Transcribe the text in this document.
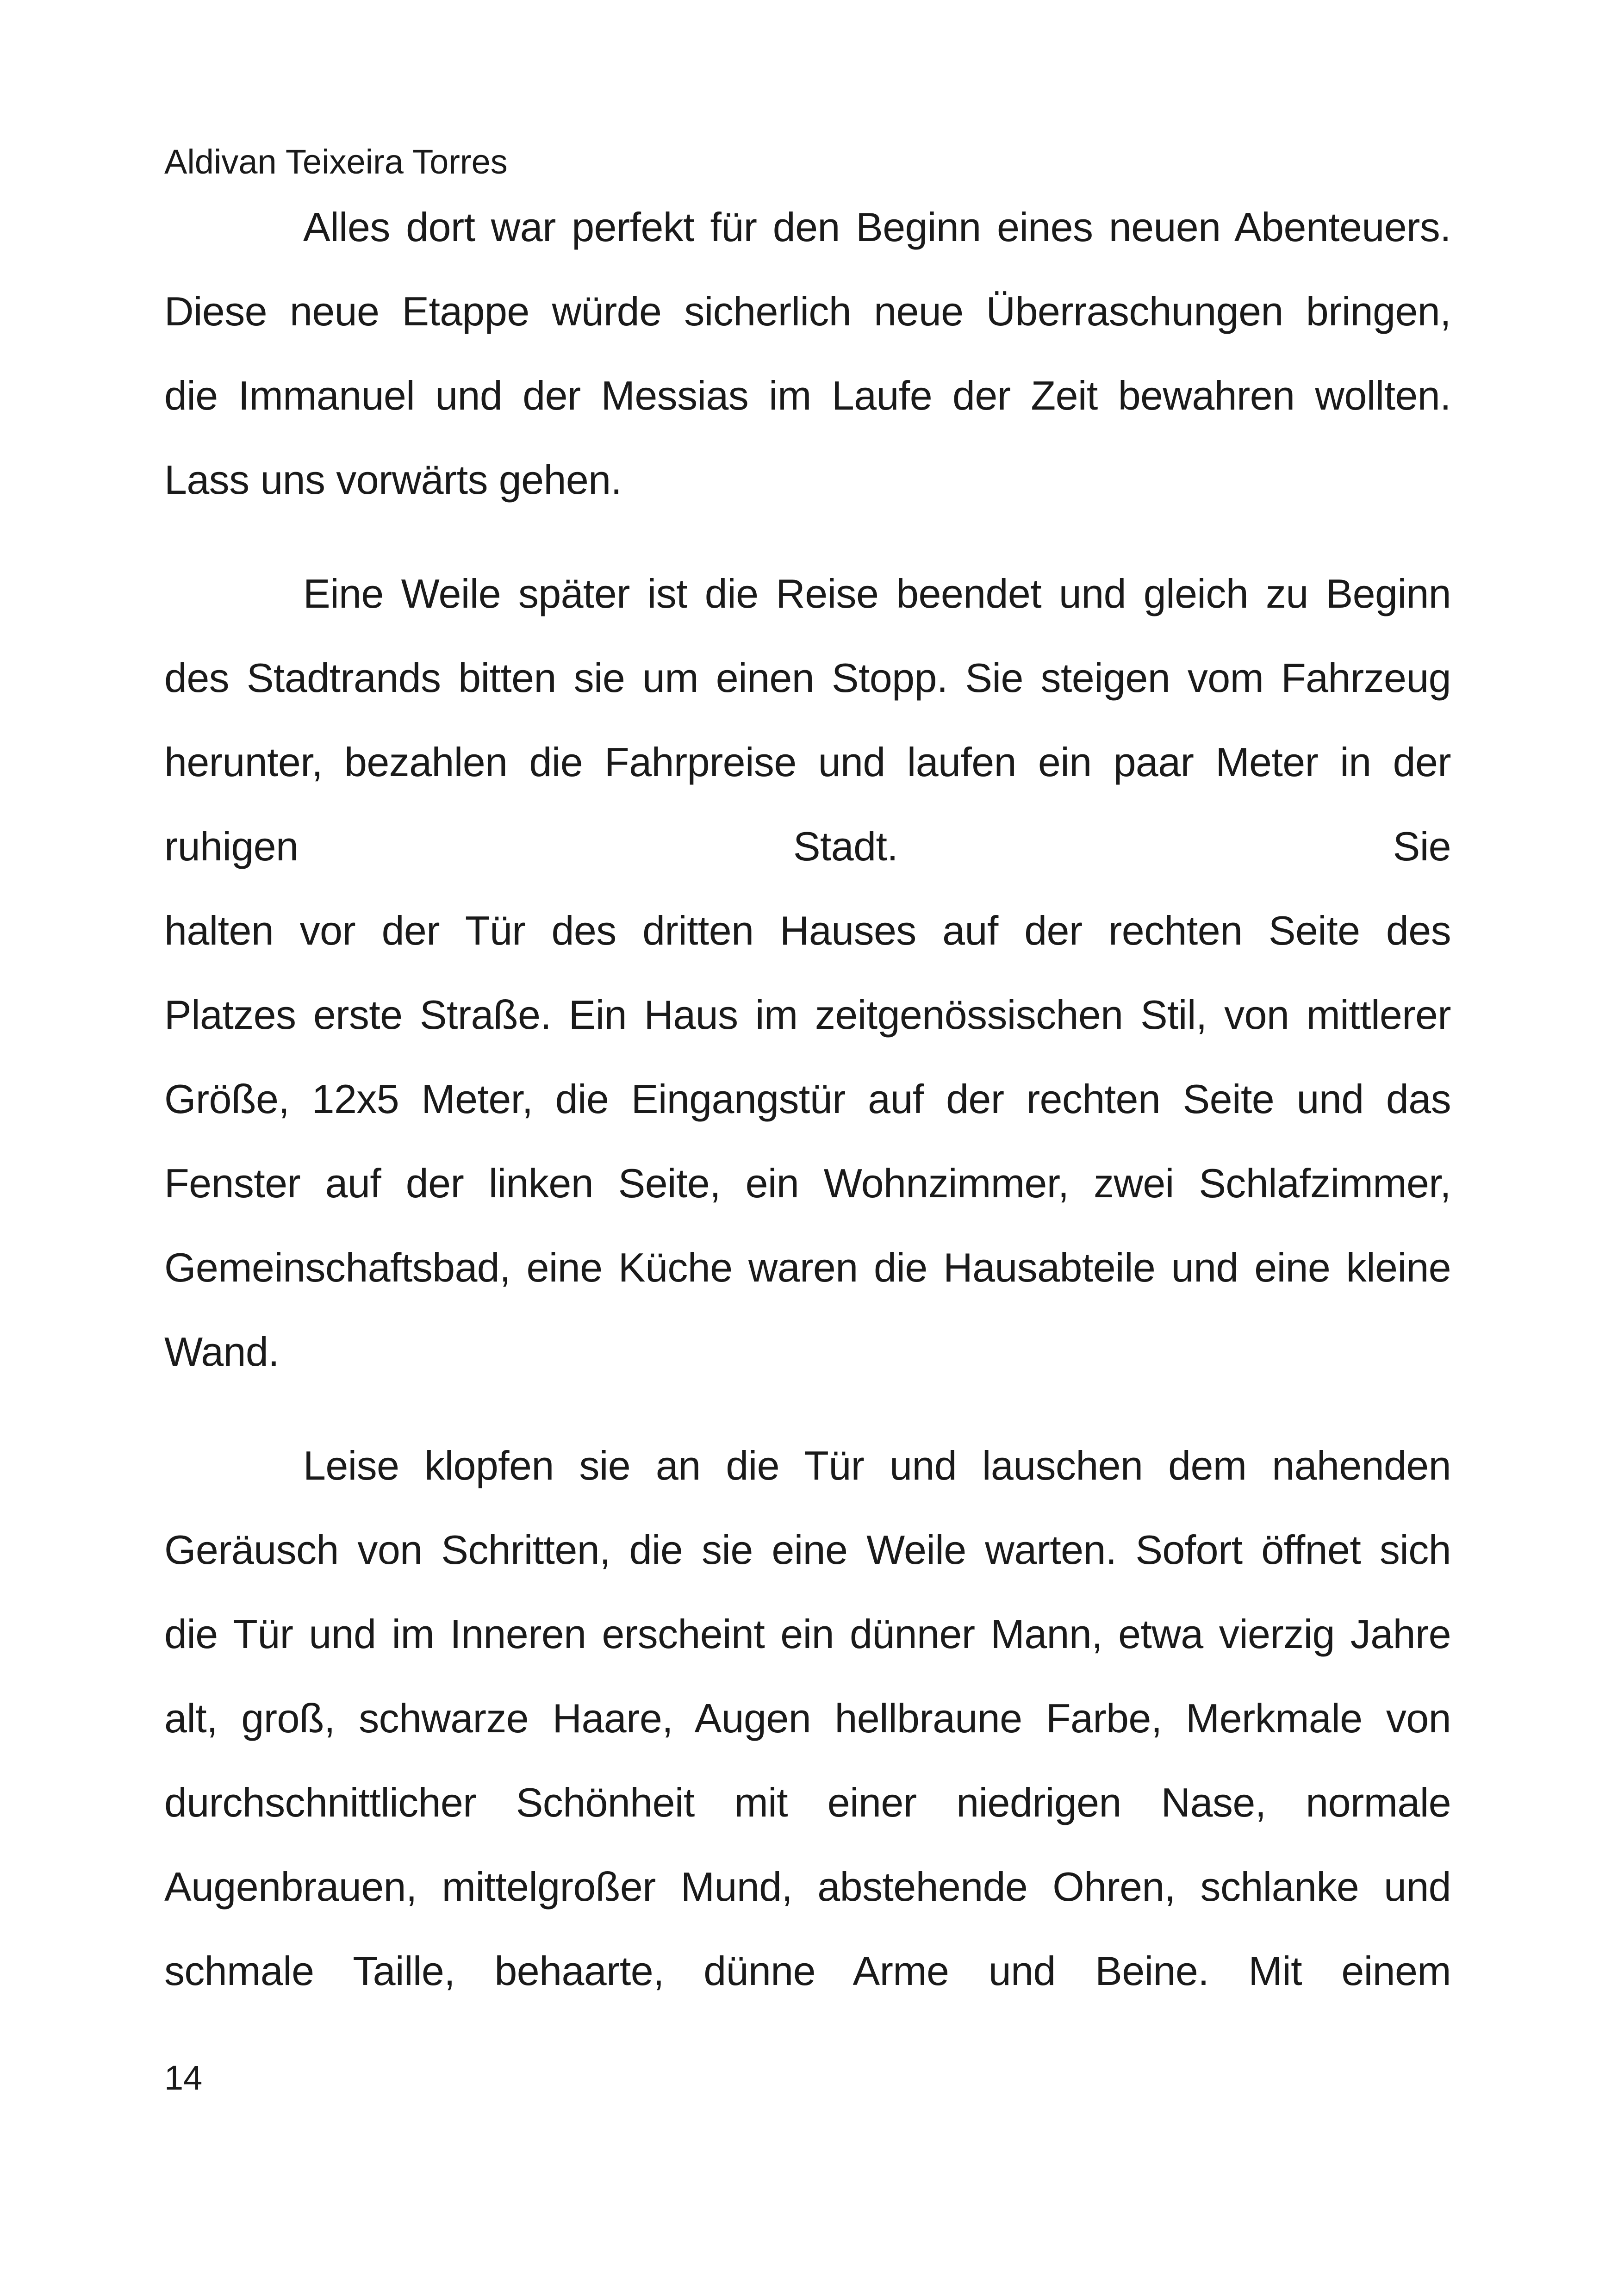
Aldivan Teixeira Torres
Alles dort war perfekt für den Beginn eines neuen Abenteuers.
Diese neue Etappe würde sicherlich neue Überraschungen bringen,
die Immanuel und der Messias im Laufe der Zeit bewahren wollten.
Lass uns vorwärts gehen.
Eine Weile später ist die Reise beendet und gleich zu Beginn
des Stadtrands bitten sie um einen Stopp. Sie steigen vom Fahrzeug
herunter, bezahlen die Fahrpreise und laufen ein paar Meter in der
ruhigen Stadt. Sie
halten vor der Tür des dritten Hauses auf der rechten Seite des
Platzes erste Straße. Ein Haus im zeitgenössischen Stil, von mittlerer
Größe, 12x5 Meter, die Eingangstür auf der rechten Seite und das
Fenster auf der linken Seite, ein Wohnzimmer, zwei Schlafzimmer,
Gemeinschaftsbad, eine Küche waren die Hausabteile und eine kleine
Wand.
Leise klopfen sie an die Tür und lauschen dem nahenden
Geräusch von Schritten, die sie eine Weile warten. Sofort öffnet sich
die Tür und im Inneren erscheint ein dünner Mann, etwa vierzig Jahre
alt, groß, schwarze Haare, Augen hellbraune Farbe, Merkmale von
durchschnittlicher Schönheit mit einer niedrigen Nase, normale
Augenbrauen, mittelgroßer Mund, abstehende Ohren, schlanke und
schmale Taille, behaarte, dünne Arme und Beine. Mit einem
14
